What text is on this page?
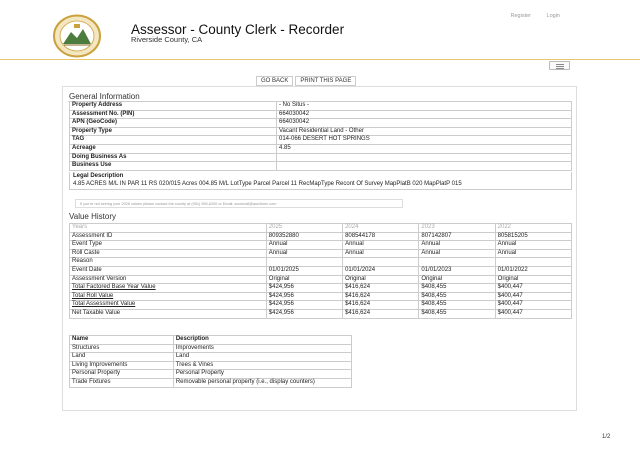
Assessor - County Clerk - Recorder
Riverside County, CA
Register	Login
GO BACK PRINT THIS PAGE
General Information
Property Address	- No Situs -
Assessment No. (PIN)	664030042
APN (GeoCode)	664030042
Property Type	Vacant Residential Land - Other
TAG	014-066 DESERT HOT SPRINGS
Acreage	4.85
Doing Business As	
Business Use	
Legal Description
4.85 ACRES M/L IN PAR 11 RS 020/015 Acres 004.85 M/L LotType Parcel Parcel 11 RecMapType Recont Of Survey MapPlatB 020 MapPlatP 015
If you're not seeing your 2026 values please contact the county at (951) 955-6200 or Email: accsmail@asrclkrec.com
Value History
Years	2025	2024	2023	2022
Assessment ID	809352880	808544178	807142807	805815205
Event Type	Annual	Annual	Annual	Annual
Roll Caste	Annual	Annual	Annual	Annual
Reason				
Event Date	01/01/2025	01/01/2024	01/01/2023	01/01/2022
Assessment Version	Original	Original	Original	Original
Total Factored Base Year Value	$424,956	$416,624	$408,455	$400,447
Total Roll Value	$424,956	$416,624	$408,455	$400,447
Total Assessment Value	$424,956	$416,624	$408,455	$400,447
Net Taxable Value	$424,956	$416,624	$408,455	$400,447
Name	Description
Structures	Improvements
Land	Land
Living Improvements	Trees & Vines
Personal Property	Personal Property
Trade Fixtures	Removable personal property (i.e., display counters)
1/2
